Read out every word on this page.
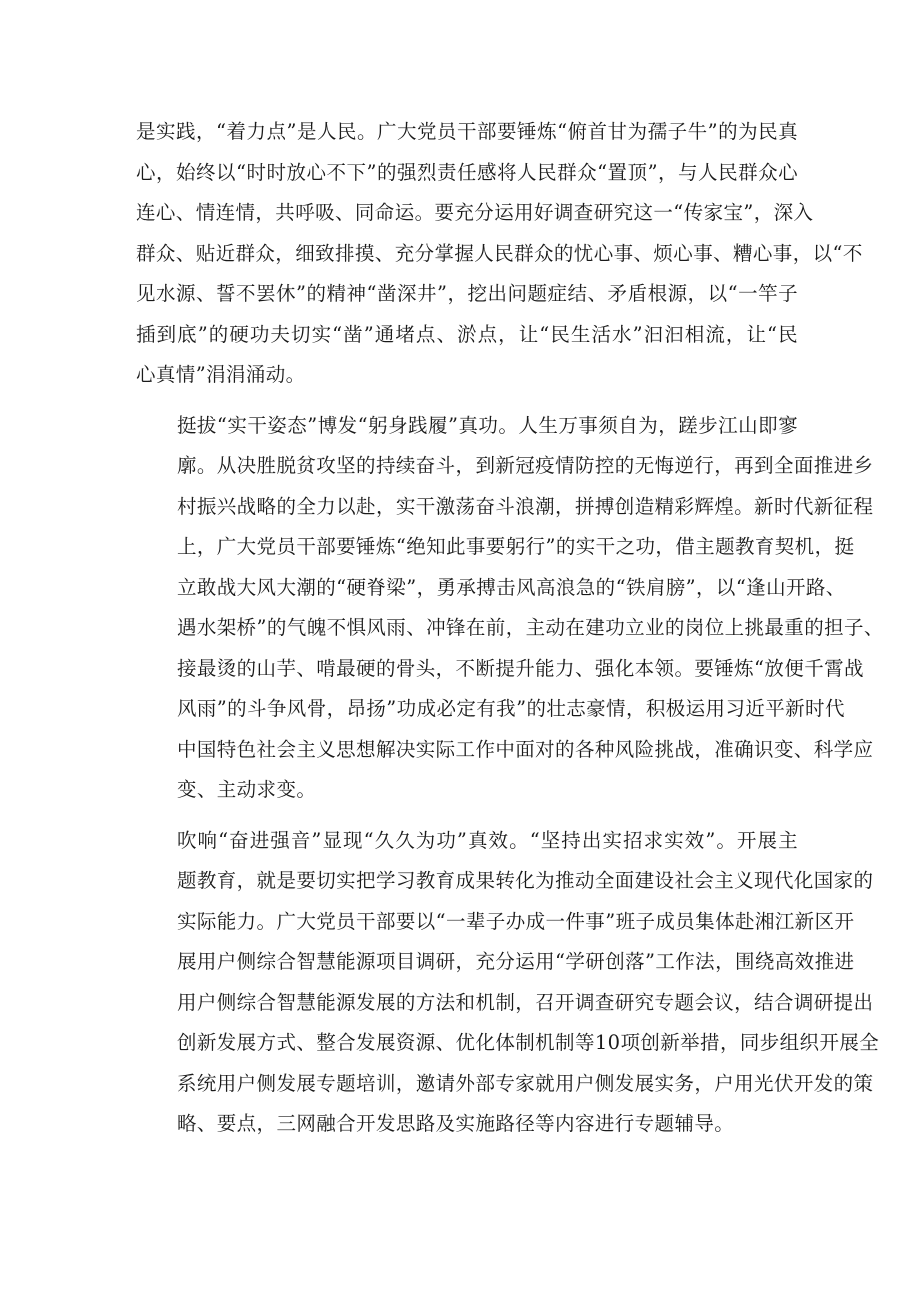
是实践，“着力点”是人民。广大党员干部要锤炼“俯首甘为孺子牛”的为民真
心，始终以“时时放心不下”的强烈责任感将人民群众“置顶”，与人民群众心
连心、情连情，共呼吸、同命运。要充分运用好调查研究这一“传家宝”，深入
群众、贴近群众，细致排摸、充分掌握人民群众的忧心事、烦心事、糟心事，以“不
见水源、誓不罢休”的精神“凿深井”，挖出问题症结、矛盾根源，以“一竿子
插到底”的硬功夫切实“凿”通堵点、淤点，让“民生活水”汩汩相流，让“民
心真情”涓涓涌动。

挺拔“实干姿态”博发“躬身践履”真功。人生万事须自为，蹉步江山即寥
廓。从决胜脱贫攻坚的持续奋斗，到新冠疫情防控的无悔逆行，再到全面推进乡
村振兴战略的全力以赴，实干激荡奋斗浪潮，拼搏创造精彩辉煌。新时代新征程
上，广大党员干部要锤炼“绝知此事要躬行”的实干之功，借主题教育契机，挺
立敢战大风大潮的“硬脊梁”，勇承搏击风高浪急的“铁肩膀”，以“逢山开路、
遇水架桥”的气魄不惧风雨、冲锋在前，主动在建功立业的岗位上挑最重的担子、
接最烫的山芋、啃最硬的骨头，不断提升能力、强化本领。要锤炼“放便千霄战
风雨”的斗争风骨，昂扬”功成必定有我”的壮志豪情，积极运用习近平新时代
中国特色社会主义思想解决实际工作中面对的各种风险挑战，准确识变、科学应
变、主动求变。

吹响“奋进强音”显现“久久为功”真效。“坚持出实招求实效”。开展主
题教育，就是要切实把学习教育成果转化为推动全面建设社会主义现代化国家的
实际能力。广大党员干部要以“一辈子办成一件事”班子成员集体赴湘江新区开
展用户侧综合智慧能源项目调研，充分运用“学研创落”工作法，围绕高效推进
用户侧综合智慧能源发展的方法和机制，召开调查研究专题会议，结合调研提出
创新发展方式、整合发展资源、优化体制机制等10项创新举措，同步组织开展全
系统用户侧发展专题培训，邀请外部专家就用户侧发展实务，户用光伏开发的策
略、要点，三网融合开发思路及实施路径等内容进行专题辅导。
